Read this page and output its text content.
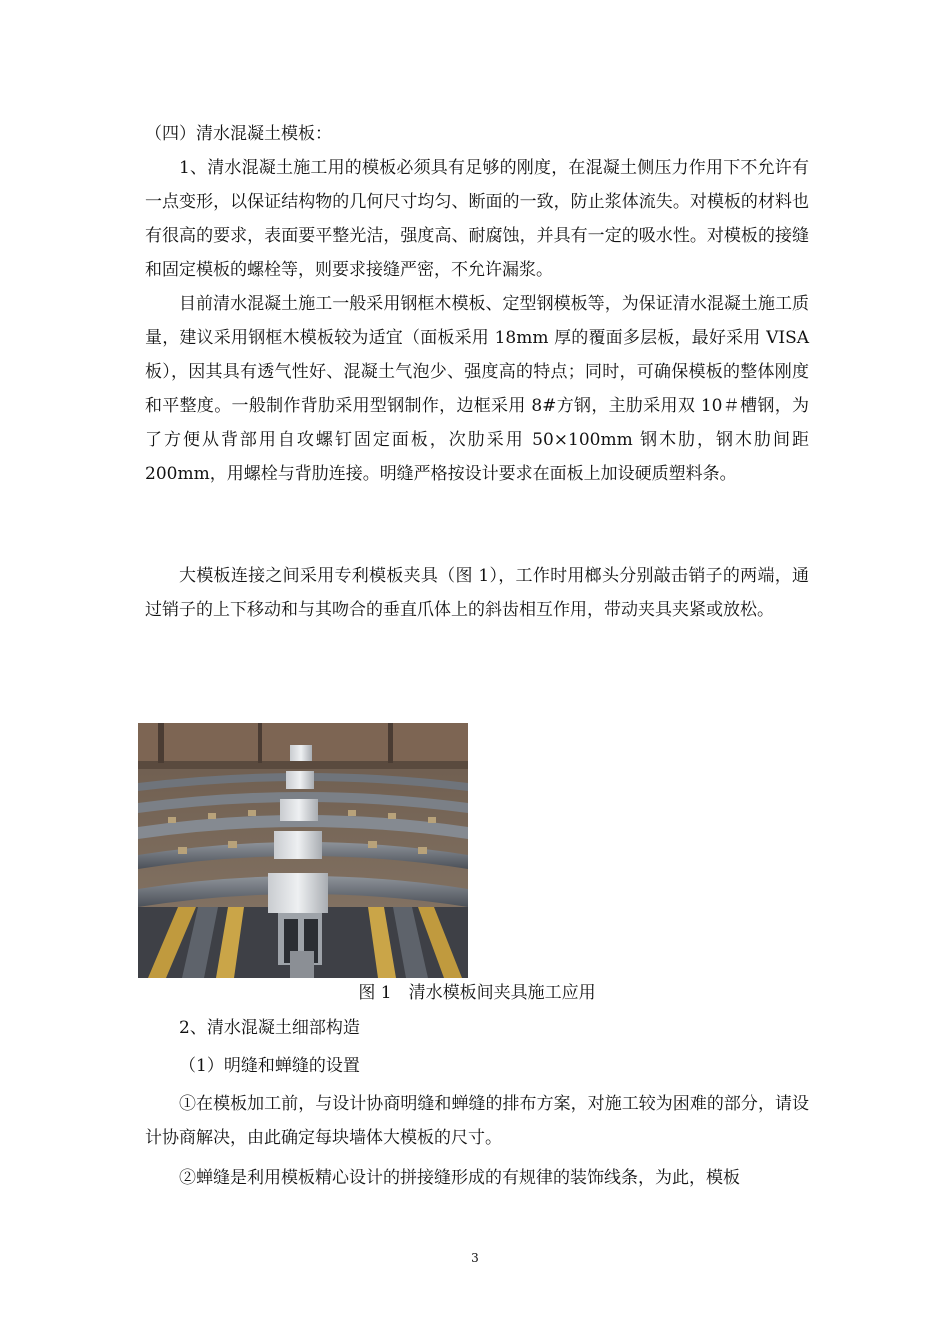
（四）清水混凝土模板：

1、清水混凝土施工用的模板必须具有足够的刚度，在混凝土侧压力作用下不允许有一点变形，以保证结构物的几何尺寸均匀、断面的一致，防止浆体流失。对模板的材料也有很高的要求，表面要平整光洁，强度高、耐腐蚀，并具有一定的吸水性。对模板的接缝和固定模板的螺栓等，则要求接缝严密，不允许漏浆。

目前清水混凝土施工一般采用钢框木模板、定型钢模板等，为保证清水混凝土施工质量，建议采用钢框木模板较为适宜（面板采用 18mm 厚的覆面多层板，最好采用 VISA 板），因其具有透气性好、混凝土气泡少、强度高的特点；同时，可确保模板的整体刚度和平整度。一般制作背肋采用型钢制作，边框采用 8#方钢，主肋采用双 10＃槽钢，为了方便从背部用自攻螺钉固定面板，次肋采用 50×100mm 钢木肋，钢木肋间距 200mm，用螺栓与背肋连接。明缝严格按设计要求在面板上加设硬质塑料条。

大模板连接之间采用专利模板夹具（图 1），工作时用榔头分别敲击销子的两端，通过销子的上下移动和与其吻合的垂直爪体上的斜齿相互作用，带动夹具夹紧或放松。

图 1　清水模板间夹具施工应用

2、清水混凝土细部构造

（1）明缝和蝉缝的设置

①在模板加工前，与设计协商明缝和蝉缝的排布方案，对施工较为困难的部分，请设计协商解决，由此确定每块墙体大模板的尺寸。

②蝉缝是利用模板精心设计的拼接缝形成的有规律的装饰线条，为此，模板

3
